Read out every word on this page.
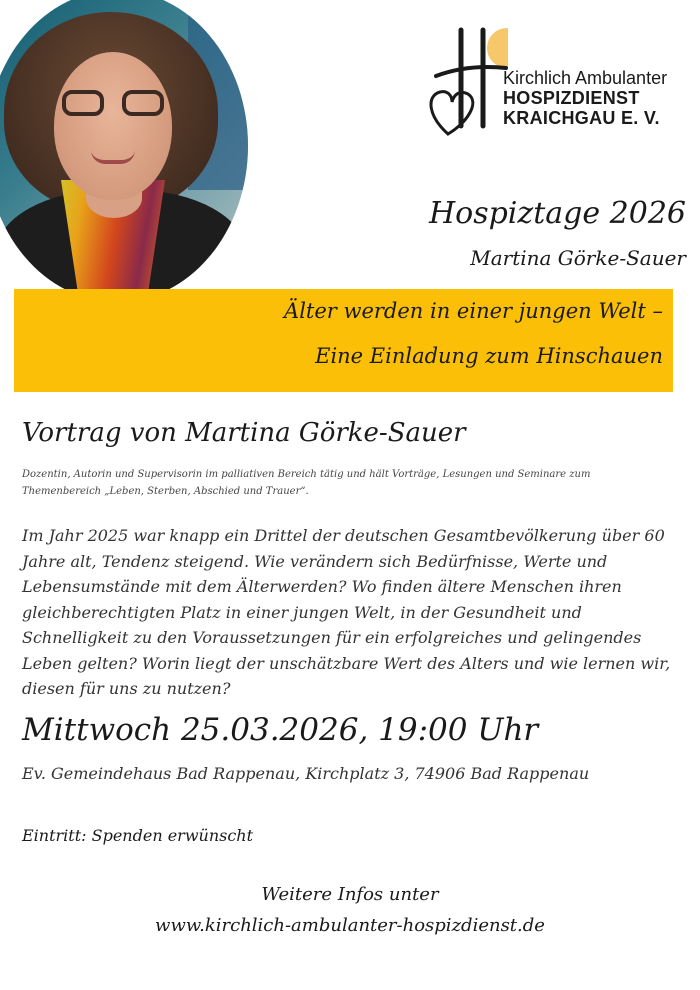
Kirchlich Ambulanter
HOSPIZDIENST
KRAICHGAU E. V.
Hospiztage 2026
Martina Görke-Sauer
Älter werden in einer jungen Welt –
Eine Einladung zum Hinschauen
Vortrag von Martina Görke-Sauer
Dozentin, Autorin und Supervisorin im palliativen Bereich tätig und hält Vorträge, Lesungen und Seminare zum
Themenbereich „Leben, Sterben, Abschied und Trauer“.
Im Jahr 2025 war knapp ein Drittel der deutschen Gesamtbevölkerung über 60 Jahre alt, Tendenz steigend. Wie verändern sich Bedürfnisse, Werte und Lebensumstände mit dem Älterwerden? Wo finden ältere Menschen ihren gleichberechtigten Platz in einer jungen Welt, in der Gesundheit und Schnelligkeit zu den Voraussetzungen für ein erfolgreiches und gelingendes Leben gelten? Worin liegt der unschätzbare Wert des Alters und wie lernen wir, diesen für uns zu nutzen?
Mittwoch 25.03.2026, 19:00 Uhr
Ev. Gemeindehaus Bad Rappenau, Kirchplatz 3, 74906 Bad Rappenau
Eintritt: Spenden erwünscht
Weitere Infos unter
www.kirchlich-ambulanter-hospizdienst.de
